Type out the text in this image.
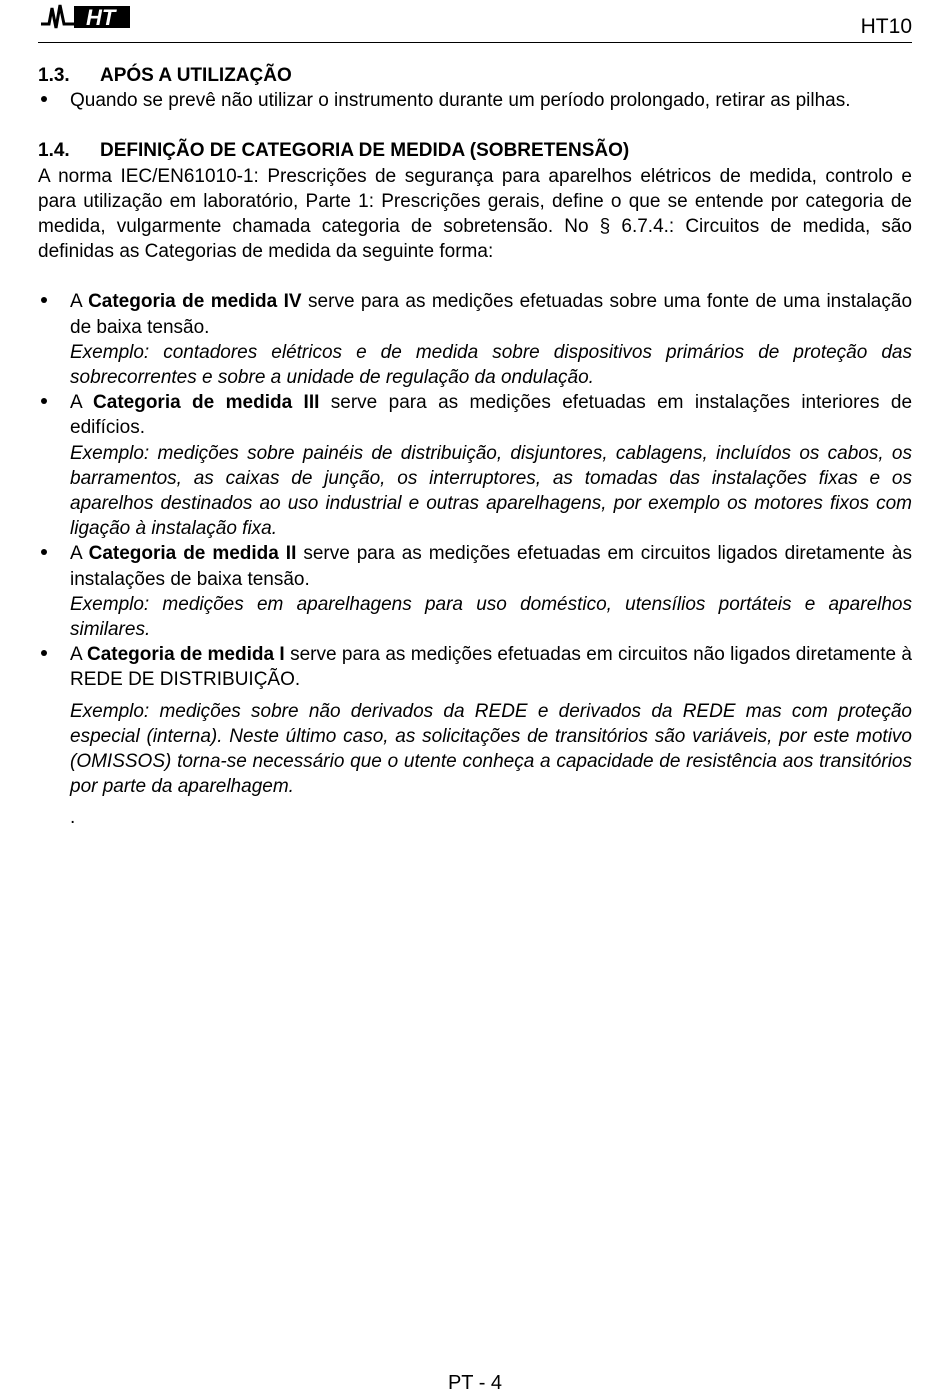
HT	HT10
1.3.	APÓS A UTILIZAÇÃO
Quando se prevê não utilizar o instrumento durante um período prolongado, retirar as pilhas.
1.4.	DEFINIÇÃO DE CATEGORIA DE MEDIDA (SOBRETENSÃO)

A norma IEC/EN61010-1: Prescrições de segurança para aparelhos elétricos de medida, controlo e para utilização em laboratório, Parte 1: Prescrições gerais, define o que se entende por categoria de medida, vulgarmente chamada categoria de sobretensão. No § 6.7.4.: Circuitos de medida, são definidas as Categorias de medida da seguinte forma:

A Categoria de medida IV serve para as medições efetuadas sobre uma fonte de uma instalação de baixa tensão.

Exemplo: contadores elétricos e de medida sobre dispositivos primários de proteção das sobrecorrentes e sobre a unidade de regulação da ondulação.

A Categoria de medida III serve para as medições efetuadas em instalações interiores de edifícios.

Exemplo: medições sobre painéis de distribuição, disjuntores, cablagens, incluídos os cabos, os barramentos, as caixas de junção, os interruptores, as tomadas das instalações fixas e os aparelhos destinados ao uso industrial e outras aparelhagens, por exemplo os motores fixos com ligação à instalação fixa.

A Categoria de medida II serve para as medições efetuadas em circuitos ligados diretamente às instalações de baixa tensão.

Exemplo: medições em aparelhagens para uso doméstico, utensílios portáteis e aparelhos similares.

A Categoria de medida I serve para as medições efetuadas em circuitos não ligados diretamente à REDE DE DISTRIBUIÇÃO.

Exemplo: medições sobre não derivados da REDE e derivados da REDE mas com proteção especial (interna). Neste último caso, as solicitações de transitórios são variáveis, por este motivo (OMISSOS) torna-se necessário que o utente conheça a capacidade de resistência aos transitórios por parte da aparelhagem.

.

PT - 4
